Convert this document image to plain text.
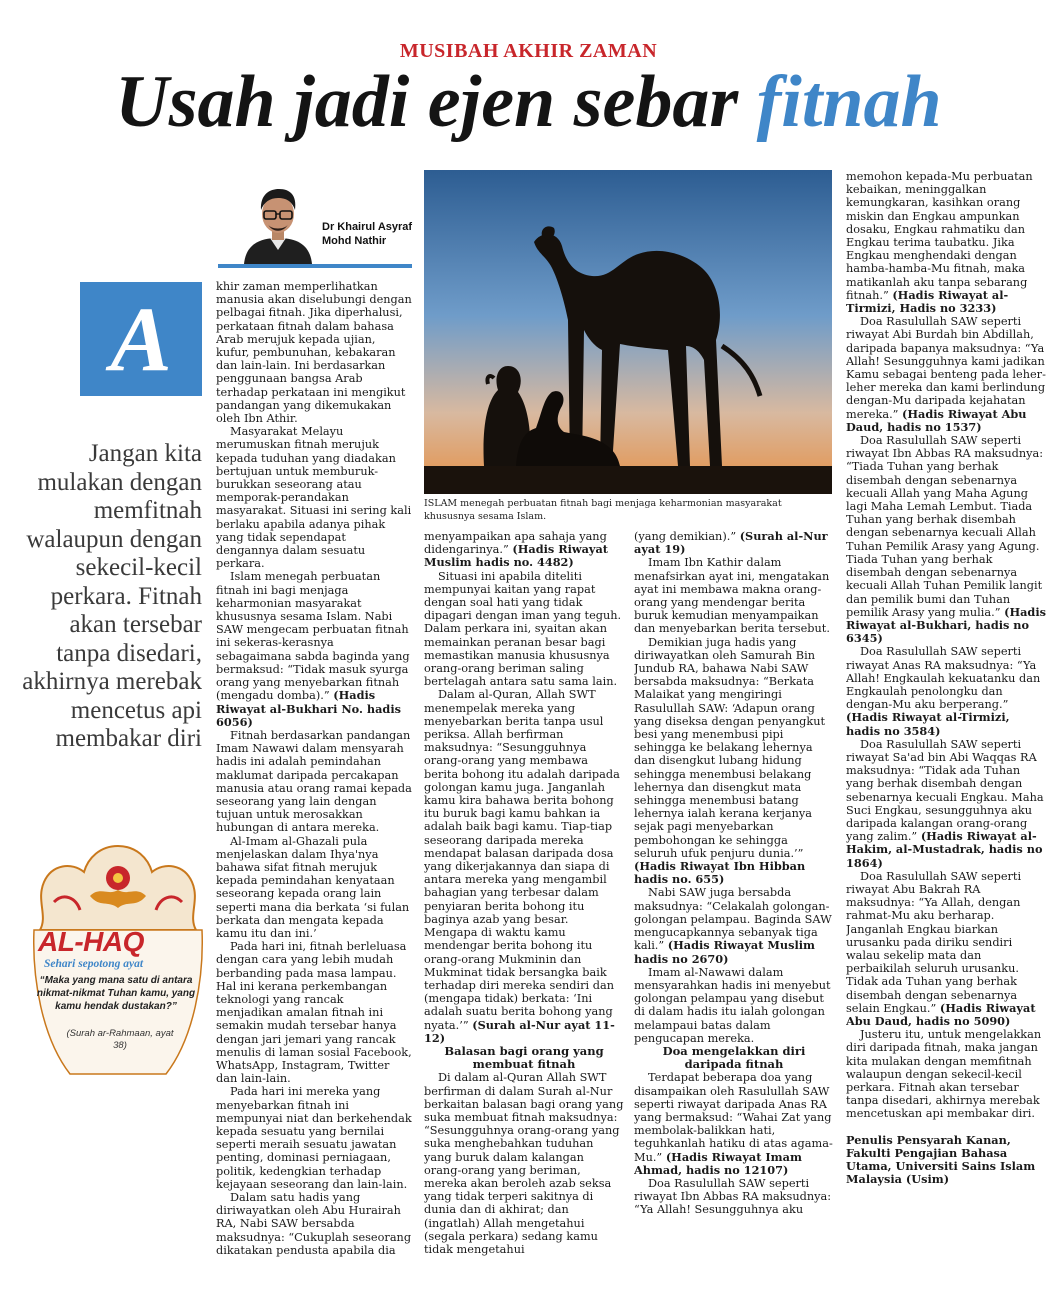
MUSIBAH AKHIR ZAMAN
Usah jadi ejen sebar fitnah
Dr Khairul Asyraf Mohd Nathir
A
Jangan kita mulakan dengan memfitnah walaupun dengan sekecil-kecil perkara. Fitnah akan tersebar tanpa disedari, akhirnya merebak mencetus api membakar diri
AL-HAQ
Sehari sepotong ayat
“Maka yang mana satu di antara nikmat-nikmat Tuhan kamu, yang kamu hendak dustakan?”
(Surah ar-Rahmaan, ayat 38)
ISLAM menegah perbuatan fitnah bagi menjaga keharmonian masyarakat khususnya sesama Islam.

khir zaman memperlihatkan manusia akan diselubungi dengan pelbagai fitnah. Jika diperhalusi, perkataan fitnah dalam bahasa Arab merujuk kepada ujian, kufur, pembunuhan, kebakaran dan lain-lain. Ini berdasarkan penggunaan bangsa Arab terhadap perkataan ini mengikut pandangan yang dikemukakan oleh Ibn Athir.

Masyarakat Melayu merumuskan fitnah merujuk kepada tuduhan yang diadakan bertujuan untuk memburuk-burukkan seseorang atau memporak-perandakan masyarakat. Situasi ini sering kali berlaku apabila adanya pihak yang tidak sependapat dengannya dalam sesuatu perkara.

Islam menegah perbuatan fitnah ini bagi menjaga keharmonian masyarakat khususnya sesama Islam. Nabi SAW mengecam perbuatan fitnah ini sekeras-kerasnya sebagaimana sabda baginda yang bermaksud: “Tidak masuk syurga orang yang menyebarkan fitnah (mengadu domba).” (Hadis Riwayat al-Bukhari No. hadis 6056)

Fitnah berdasarkan pandangan Imam Nawawi dalam mensyarah hadis ini adalah pemindahan maklumat daripada percakapan manusia atau orang ramai kepada seseorang yang lain dengan tujuan untuk merosakkan hubungan di antara mereka.

Al-Imam al-Ghazali pula menjelaskan dalam Ihya'nya bahawa sifat fitnah merujuk kepada pemindahan kenyataan seseorang kepada orang lain seperti mana dia berkata ‘si fulan berkata dan mengata kepada kamu itu dan ini.’

Pada hari ini, fitnah berleluasa dengan cara yang lebih mudah berbanding pada masa lampau. Hal ini kerana perkembangan teknologi yang rancak menjadikan amalan fitnah ini semakin mudah tersebar hanya dengan jari jemari yang rancak menulis di laman sosial Facebook, WhatsApp, Instagram, Twitter dan lain-lain.

Pada hari ini mereka yang menyebarkan fitnah ini mempunyai niat dan berkehendak kepada sesuatu yang bernilai seperti meraih sesuatu jawatan penting, dominasi perniagaan, politik, kedengkian terhadap kejayaan seseorang dan lain-lain.

Dalam satu hadis yang diriwayatkan oleh Abu Hurairah RA, Nabi SAW bersabda maksudnya: “Cukuplah seseorang dikatakan pendusta apabila dia

menyampaikan apa sahaja yang didengarinya.” (Hadis Riwayat Muslim hadis no. 4482)

Situasi ini apabila diteliti mempunyai kaitan yang rapat dengan soal hati yang tidak dipagari dengan iman yang teguh. Dalam perkara ini, syaitan akan memainkan peranan besar bagi memastikan manusia khususnya orang-orang beriman saling bertelagah antara satu sama lain.

Dalam al-Quran, Allah SWT menempelak mereka yang menyebarkan berita tanpa usul periksa. Allah berfirman maksudnya: “Sesungguhnya orang-orang yang membawa berita bohong itu adalah daripada golongan kamu juga. Janganlah kamu kira bahawa berita bohong itu buruk bagi kamu bahkan ia adalah baik bagi kamu. Tiap-tiap seseorang daripada mereka mendapat balasan daripada dosa yang dikerjakannya dan siapa di antara mereka yang mengambil bahagian yang terbesar dalam penyiaran berita bohong itu baginya azab yang besar. Mengapa di waktu kamu mendengar berita bohong itu orang-orang Mukminin dan Mukminat tidak bersangka baik terhadap diri mereka sendiri dan (mengapa tidak) berkata: ‘Ini adalah suatu berita bohong yang nyata.’” (Surah al-Nur ayat 11-12)

Balasan bagi orang yang membuat fitnah

Di dalam al-Quran Allah SWT berfirman di dalam Surah al-Nur berkaitan balasan bagi orang yang suka membuat fitnah maksudnya: “Sesungguhnya orang-orang yang suka menghebahkan tuduhan yang buruk dalam kalangan orang-orang yang beriman, mereka akan beroleh azab seksa yang tidak terperi sakitnya di dunia dan di akhirat; dan (ingatlah) Allah mengetahui (segala perkara) sedang kamu tidak mengetahui

(yang demikian).” (Surah al-Nur ayat 19)

Imam Ibn Kathir dalam menafsirkan ayat ini, mengatakan ayat ini membawa makna orang-orang yang mendengar berita buruk kemudian menyampaikan dan menyebarkan berita tersebut.

Demikian juga hadis yang diriwayatkan oleh Samurah Bin Jundub RA, bahawa Nabi SAW bersabda maksudnya: “Berkata Malaikat yang mengiringi Rasulullah SAW: ‘Adapun orang yang diseksa dengan penyangkut besi yang menembusi pipi sehingga ke belakang lehernya dan disengkut lubang hidung sehingga menembusi belakang lehernya dan disengkut mata sehingga menembusi batang lehernya ialah kerana kerjanya sejak pagi menyebarkan pembohongan ke sehingga seluruh ufuk penjuru dunia.’” (Hadis Riwayat Ibn Hibban hadis no. 655)

Nabi SAW juga bersabda maksudnya: “Celakalah golongan-golongan pelampau. Baginda SAW mengucapkannya sebanyak tiga kali.” (Hadis Riwayat Muslim hadis no 2670)

Imam al-Nawawi dalam mensyarahkan hadis ini menyebut golongan pelampau yang disebut di dalam hadis itu ialah golongan melampaui batas dalam pengucapan mereka.

Doa mengelakkan diri daripada fitnah

Terdapat beberapa doa yang disampaikan oleh Rasulullah SAW seperti riwayat daripada Anas RA yang bermaksud: “Wahai Zat yang membolak-balikkan hati, teguhkanlah hatiku di atas agama-Mu.” (Hadis Riwayat Imam Ahmad, hadis no 12107)

Doa Rasulullah SAW seperti riwayat Ibn Abbas RA maksudnya: “Ya Allah! Sesungguhnya aku

memohon kepada-Mu perbuatan kebaikan, meninggalkan kemungkaran, kasihkan orang miskin dan Engkau ampunkan dosaku, Engkau rahmatiku dan Engkau terima taubatku. Jika Engkau menghendaki dengan hamba-hamba-Mu fitnah, maka matikanlah aku tanpa sebarang fitnah.” (Hadis Riwayat al-Tirmizi, Hadis no 3233)

Doa Rasulullah SAW seperti riwayat Abi Burdah bin Abdillah, daripada bapanya maksudnya: “Ya Allah! Sesungguhnya kami jadikan Kamu sebagai benteng pada leher-leher mereka dan kami berlindung dengan-Mu daripada kejahatan mereka.” (Hadis Riwayat Abu Daud, hadis no 1537)

Doa Rasulullah SAW seperti riwayat Ibn Abbas RA maksudnya: “Tiada Tuhan yang berhak disembah dengan sebenarnya kecuali Allah yang Maha Agung lagi Maha Lemah Lembut. Tiada Tuhan yang berhak disembah dengan sebenarnya kecuali Allah Tuhan Pemilik Arasy yang Agung. Tiada Tuhan yang berhak disembah dengan sebenarnya kecuali Allah Tuhan Pemilik langit dan pemilik bumi dan Tuhan pemilik Arasy yang mulia.” (Hadis Riwayat al-Bukhari, hadis no 6345)

Doa Rasulullah SAW seperti riwayat Anas RA maksudnya: “Ya Allah! Engkaulah kekuatanku dan Engkaulah penolongku dan dengan-Mu aku berperang.” (Hadis Riwayat al-Tirmizi, hadis no 3584)

Doa Rasulullah SAW seperti riwayat Sa'ad bin Abi Waqqas RA maksudnya: “Tidak ada Tuhan yang berhak disembah dengan sebenarnya kecuali Engkau. Maha Suci Engkau, sesungguhnya aku daripada kalangan orang-orang yang zalim.” (Hadis Riwayat al-Hakim, al-Mustadrak, hadis no 1864)

Doa Rasulullah SAW seperti riwayat Abu Bakrah RA maksudnya: “Ya Allah, dengan rahmat-Mu aku berharap. Janganlah Engkau biarkan urusanku pada diriku sendiri walau sekelip mata dan perbaikilah seluruh urusanku. Tidak ada Tuhan yang berhak disembah dengan sebenarnya selain Engkau.” (Hadis Riwayat Abu Daud, hadis no 5090)

Justeru itu, untuk mengelakkan diri daripada fitnah, maka jangan kita mulakan dengan memfitnah walaupun dengan sekecil-kecil perkara. Fitnah akan tersebar tanpa disedari, akhirnya merebak mencetuskan api membakar diri.

Penulis Pensyarah Kanan, Fakulti Pengajian Bahasa Utama, Universiti Sains Islam Malaysia (Usim)
